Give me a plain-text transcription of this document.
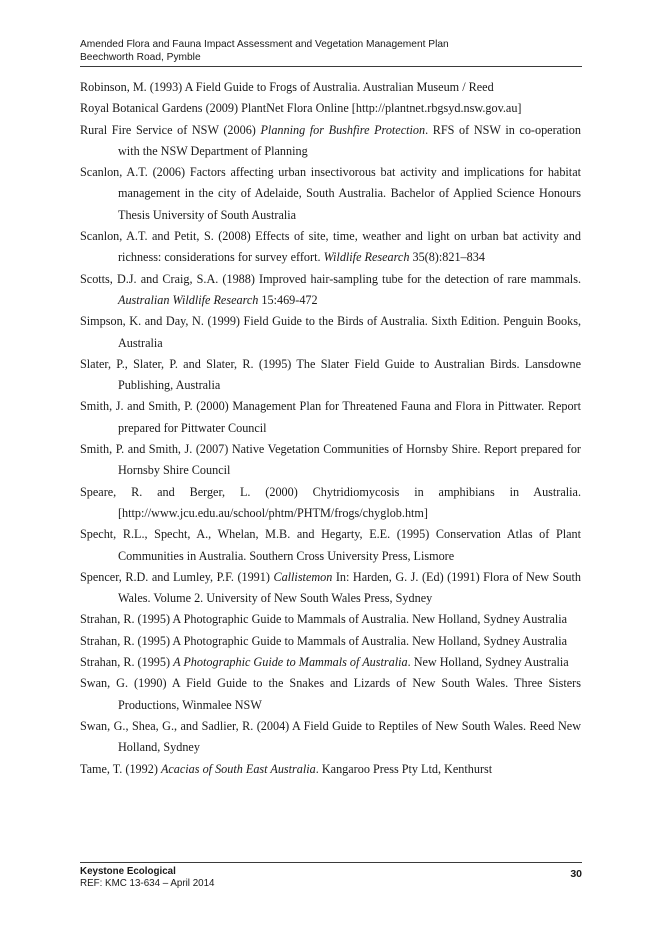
Amended Flora and Fauna Impact Assessment and Vegetation Management Plan
Beechworth Road, Pymble

Robinson, M. (1993) A Field Guide to Frogs of Australia. Australian Museum / Reed

Royal Botanical Gardens (2009) PlantNet Flora Online [http://plantnet.rbgsyd.nsw.gov.au]

Rural Fire Service of NSW (2006) Planning for Bushfire Protection. RFS of NSW in co-operation with the NSW Department of Planning

Scanlon, A.T. (2006) Factors affecting urban insectivorous bat activity and implications for habitat management in the city of Adelaide, South Australia. Bachelor of Applied Science Honours Thesis University of South Australia

Scanlon, A.T. and Petit, S. (2008) Effects of site, time, weather and light on urban bat activity and richness: considerations for survey effort. Wildlife Research 35(8):821–834

Scotts, D.J. and Craig, S.A. (1988) Improved hair-sampling tube for the detection of rare mammals. Australian Wildlife Research 15:469-472

Simpson, K. and Day, N. (1999) Field Guide to the Birds of Australia. Sixth Edition. Penguin Books, Australia

Slater, P., Slater, P. and Slater, R. (1995) The Slater Field Guide to Australian Birds. Lansdowne Publishing, Australia

Smith, J. and Smith, P. (2000) Management Plan for Threatened Fauna and Flora in Pittwater. Report prepared for Pittwater Council

Smith, P. and Smith, J. (2007) Native Vegetation Communities of Hornsby Shire. Report prepared for Hornsby Shire Council

Speare, R. and Berger, L. (2000) Chytridiomycosis in amphibians in Australia. [http://www.jcu.edu.au/school/phtm/PHTM/frogs/chyglob.htm]

Specht, R.L., Specht, A., Whelan, M.B. and Hegarty, E.E. (1995) Conservation Atlas of Plant Communities in Australia. Southern Cross University Press, Lismore

Spencer, R.D. and Lumley, P.F. (1991) Callistemon In: Harden, G. J. (Ed) (1991) Flora of New South Wales. Volume 2. University of New South Wales Press, Sydney

Strahan, R. (1995) A Photographic Guide to Mammals of Australia. New Holland, Sydney Australia

Strahan, R. (1995) A Photographic Guide to Mammals of Australia. New Holland, Sydney Australia

Strahan, R. (1995) A Photographic Guide to Mammals of Australia. New Holland, Sydney Australia

Swan, G. (1990) A Field Guide to the Snakes and Lizards of New South Wales. Three Sisters Productions, Winmalee NSW

Swan, G., Shea, G., and Sadlier, R. (2004) A Field Guide to Reptiles of New South Wales. Reed New Holland, Sydney

Tame, T. (1992) Acacias of South East Australia. Kangaroo Press Pty Ltd, Kenthurst

Keystone Ecological
REF: KMC 13-634 – April 2014
30
